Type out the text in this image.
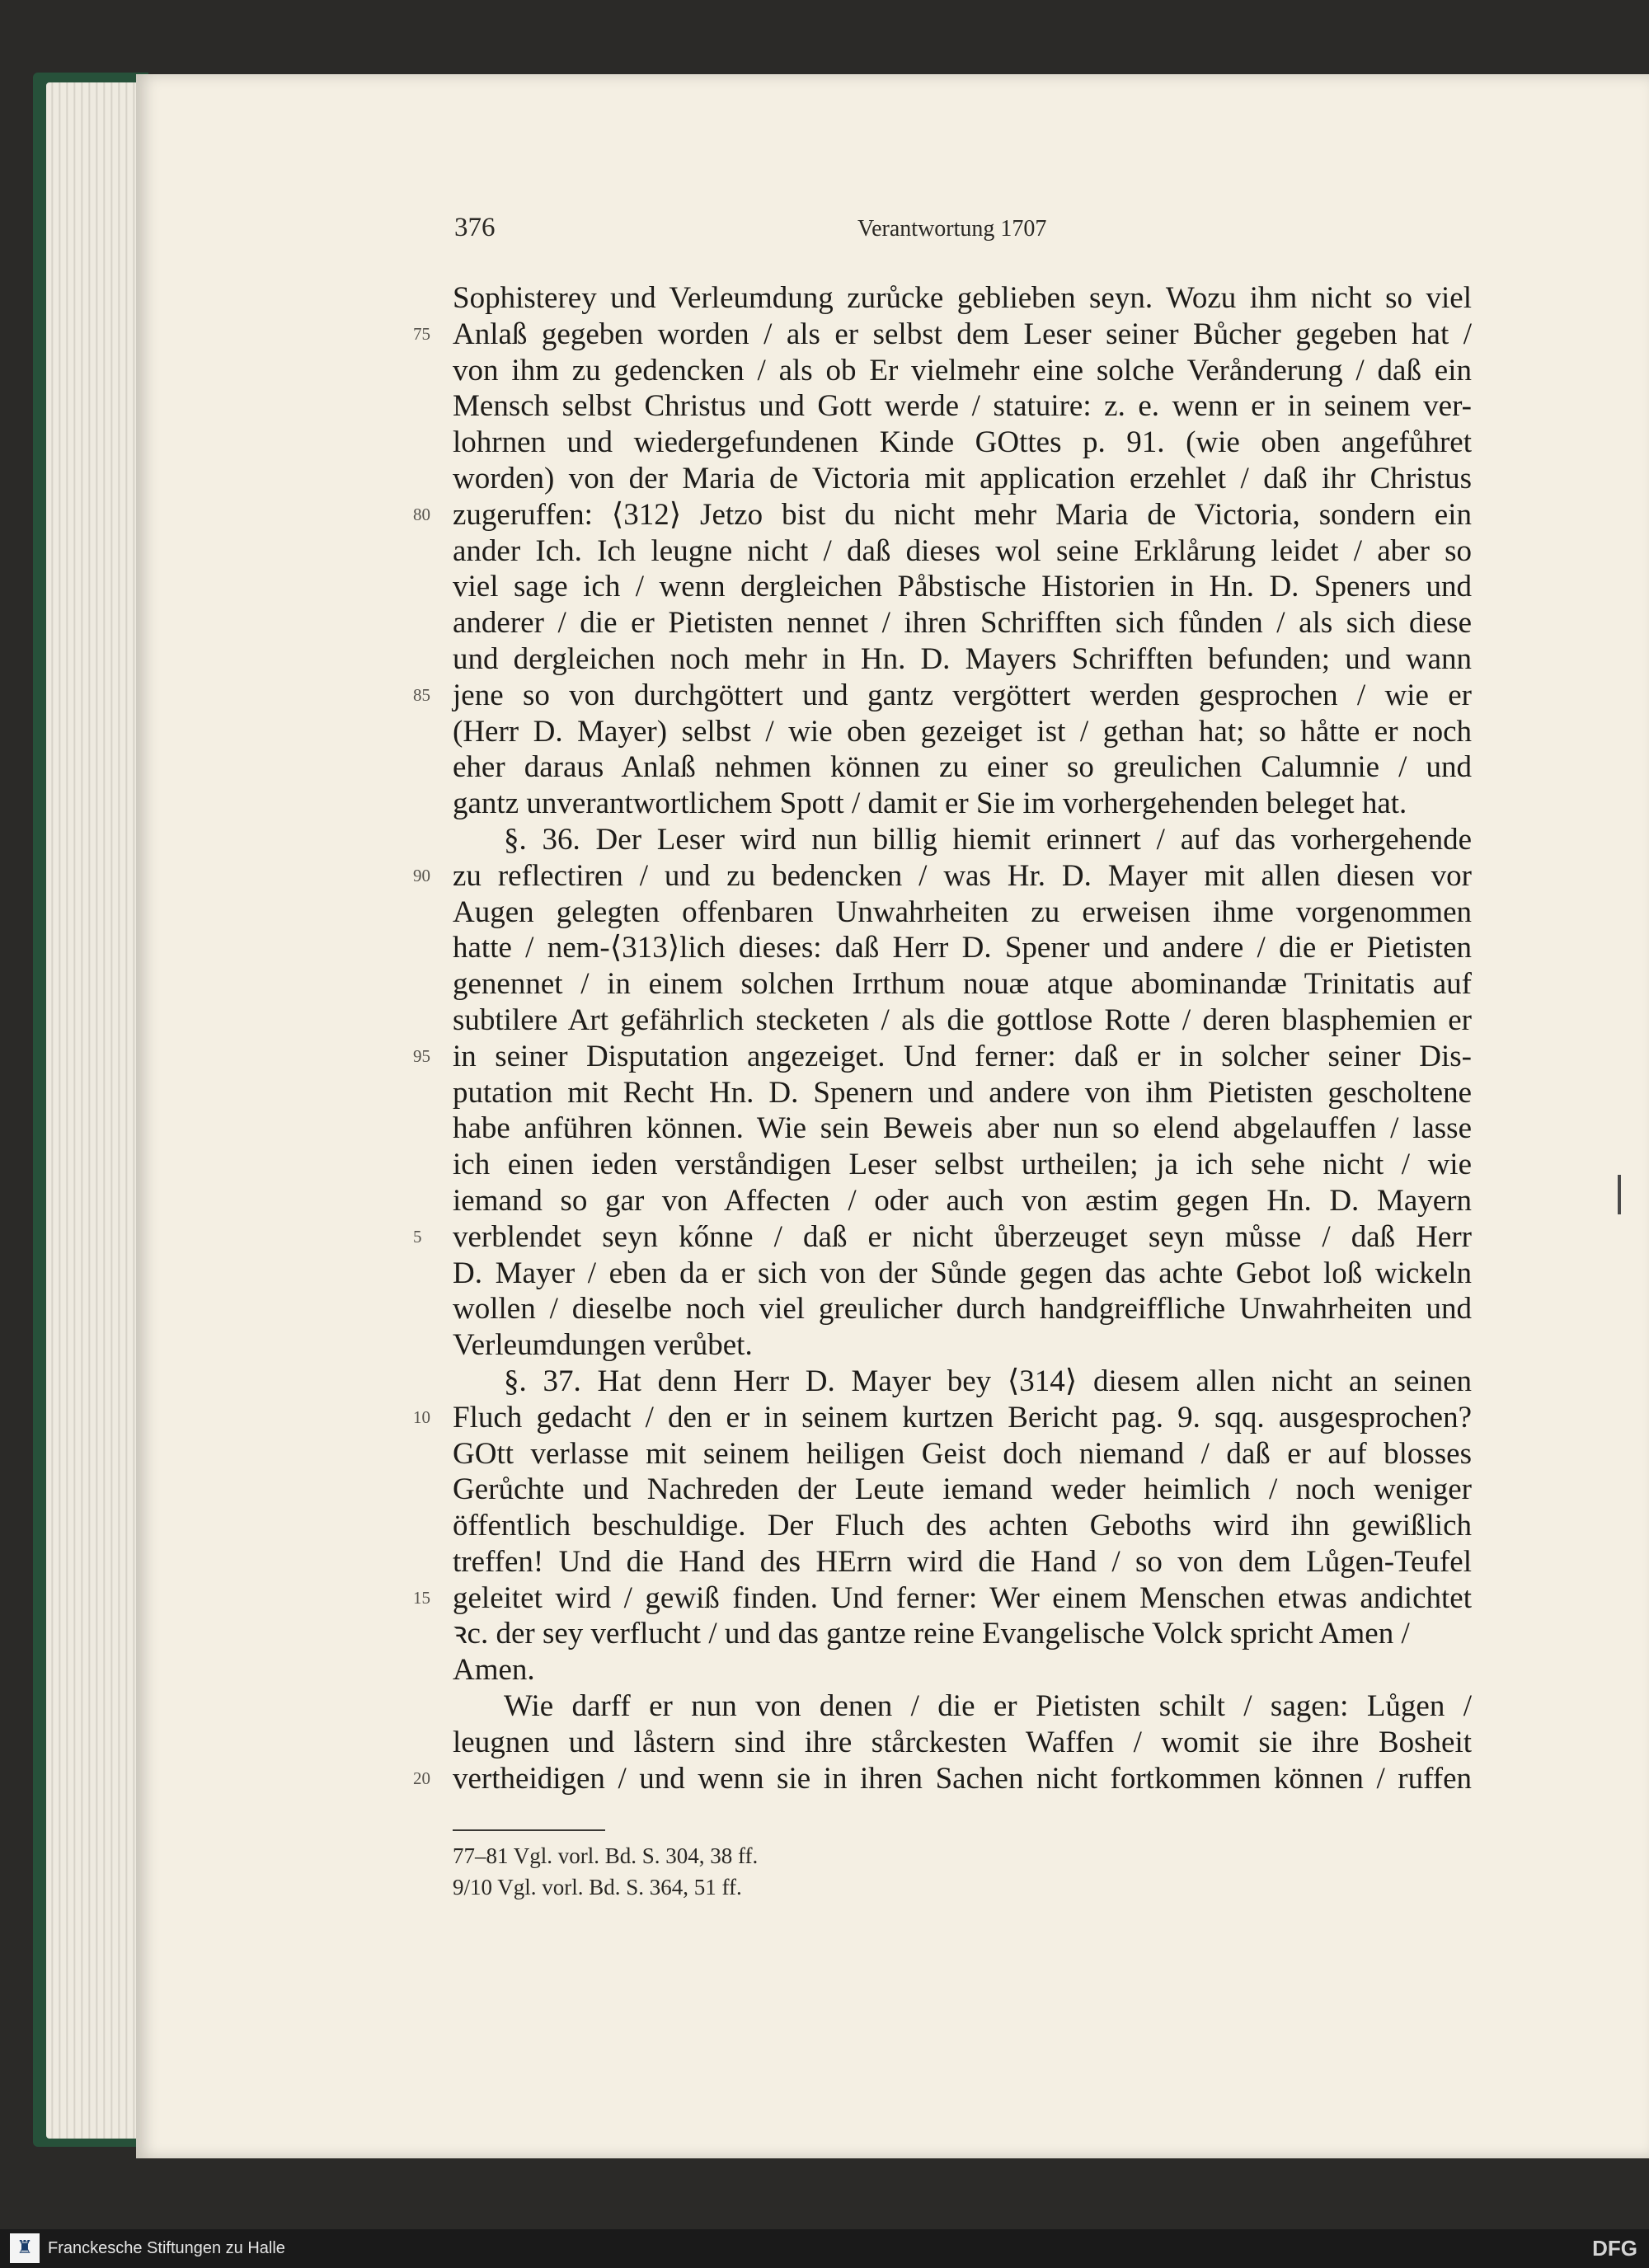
376	Verantwortung 1707
Sophisterey und Verleumdung zurůcke geblieben seyn. Wozu ihm nicht so viel
75 Anlaß gegeben worden / als er selbst dem Leser seiner Bůcher gegeben hat /
von ihm zu gedencken / als ob Er vielmehr eine solche Verånderung / daß ein
Mensch selbst Christus und Gott werde / statuire: z. e. wenn er in seinem ver-
lohrnen und wiedergefundenen Kinde GOttes p. 91. (wie oben angefůhret
worden) von der Maria de Victoria mit application erzehlet / daß ihr Christus
80 zugeruffen: ⟨312⟩ Jetzo bist du nicht mehr Maria de Victoria, sondern ein
ander Ich. Ich leugne nicht / daß dieses wol seine Erklårung leidet / aber so
viel sage ich / wenn dergleichen Påbstische Historien in Hn. D. Speners und
anderer / die er Pietisten nennet / ihren Schrifften sich fůnden / als sich diese
und dergleichen noch mehr in Hn. D. Mayers Schrifften befunden; und wann
85 jene so von durchgöttert und gantz vergöttert werden gesprochen / wie er
(Herr D. Mayer) selbst / wie oben gezeiget ist / gethan hat; so håtte er noch
eher daraus Anlaß nehmen können zu einer so greulichen Calumnie / und
gantz unverantwortlichem Spott / damit er Sie im vorhergehenden beleget hat.
§. 36. Der Leser wird nun billig hiemit erinnert / auf das vorhergehende
90 zu reflectiren / und zu bedencken / was Hr. D. Mayer mit allen diesen vor
Augen gelegten offenbaren Unwahrheiten zu erweisen ihme vorgenommen
hatte / nem-⟨313⟩lich dieses: daß Herr D. Spener und andere / die er Pietisten
genennet / in einem solchen Irrthum nouæ atque abominandæ Trinitatis auf
subtilere Art gefährlich stecketen / als die gottlose Rotte / deren blasphemien er
95 in seiner Disputation angezeiget. Und ferner: daß er in solcher seiner Dis-
putation mit Recht Hn. D. Spenern und andere von ihm Pietisten gescholtene
habe anführen können. Wie sein Beweis aber nun so elend abgelauffen / lasse
ich einen ieden verståndigen Leser selbst urtheilen; ja ich sehe nicht / wie
iemand so gar von Affecten / oder auch von æstim gegen Hn. D. Mayern
5	verblendet seyn kőnne / daß er nicht ůberzeuget seyn můsse / daß Herr
D. Mayer / eben da er sich von der Sůnde gegen das achte Gebot loß wickeln
wollen / dieselbe noch viel greulicher durch handgreiffliche Unwahrheiten und
Verleumdungen verůbet.
§. 37. Hat denn Herr D. Mayer bey ⟨314⟩ diesem allen nicht an seinen
10 Fluch gedacht / den er in seinem kurtzen Bericht pag. 9. sqq. ausgesprochen?
GOtt verlasse mit seinem heiligen Geist doch niemand / daß er auf blosses
Gerůchte und Nachreden der Leute iemand weder heimlich / noch weniger
öffentlich beschuldige. Der Fluch des achten Geboths wird ihn gewißlich
treffen! Und die Hand des HErrn wird die Hand / so von dem Lůgen-Teufel
15 geleitet wird / gewiß finden. Und ferner: Wer einem Menschen etwas andichtet
ꝛc. der sey verflucht / und das gantze reine Evangelische Volck spricht Amen /
Amen.
Wie darff er nun von denen / die er Pietisten schilt / sagen: Lůgen /
leugnen und låstern sind ihre stårckesten Waffen / womit sie ihre Bosheit
20 vertheidigen / und wenn sie in ihren Sachen nicht fortkommen können / ruffen
77–81 Vgl. vorl. Bd. S. 304, 38 ff.
9/10 Vgl. vorl. Bd. S. 364, 51 ff.
♜ Franckesche Stiftungen zu Halle	DFG
